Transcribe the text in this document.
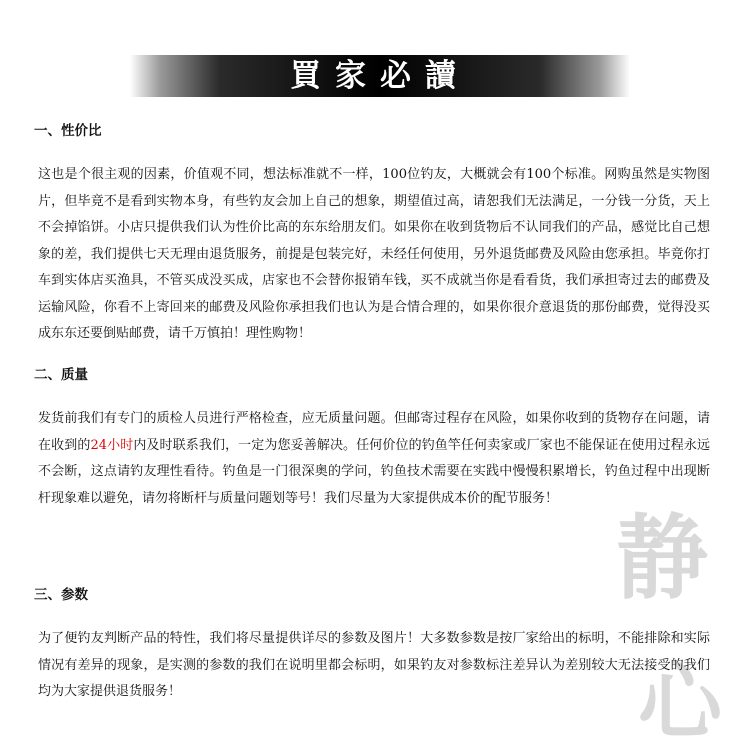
買家必讀
一、性价比

这也是个很主观的因素，价值观不同，想法标准就不一样，100位钓友，大概就会有100个标准。网购虽然是实物图片，但毕竟不是看到实物本身，有些钓友会加上自己的想象，期望值过高，请恕我们无法满足，一分钱一分货，天上不会掉馅饼。小店只提供我们认为性价比高的东东给朋友们。如果你在收到货物后不认同我们的产品，感觉比自己想象的差，我们提供七天无理由退货服务，前提是包装完好，未经任何使用，另外退货邮费及风险由您承担。毕竟你打车到实体店买渔具，不管买成没买成，店家也不会替你报销车钱，买不成就当你是看看货，我们承担寄过去的邮费及运输风险，你看不上寄回来的邮费及风险你承担我们也认为是合情合理的，如果你很介意退货的那份邮费，觉得没买成东东还要倒贴邮费，请千万慎拍！理性购物！

二、质量

发货前我们有专门的质检人员进行严格检查，应无质量问题。但邮寄过程存在风险，如果你收到的货物存在问题，请在收到的24小时内及时联系我们，一定为您妥善解决。任何价位的钓鱼竿任何卖家或厂家也不能保证在使用过程永远不会断，这点请钓友理性看待。钓鱼是一门很深奥的学问，钓鱼技术需要在实践中慢慢积累增长，钓鱼过程中出现断杆现象难以避免，请勿将断杆与质量问题划等号！我们尽量为大家提供成本价的配节服务！

三、参数

为了便钓友判断产品的特性，我们将尽量提供详尽的参数及图片！大多数参数是按厂家给出的标明，不能排除和实际情况有差异的现象，是实测的参数的我们在说明里都会标明，如果钓友对参数标注差异认为差别较大无法接受的我们均为大家提供退货服务！

静
心
